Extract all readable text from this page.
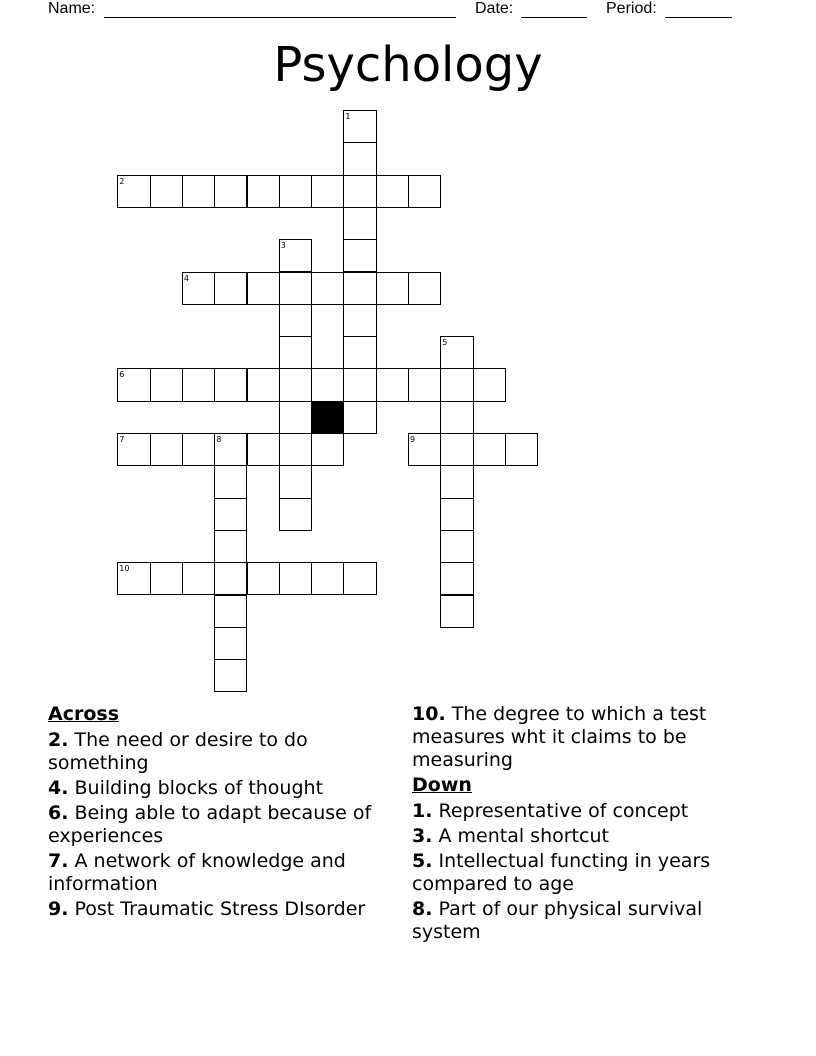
Name:	Date:	Period:
Psychology
1
2
3
4
5
6
7	8	9
10
Across
2. The need or desire to do something
4. Building blocks of thought
6. Being able to adapt because of experiences
7. A network of knowledge and information
9. Post Traumatic Stress DIsorder
10. The degree to which a test measures wht it claims to be measuring
Down
1. Representative of concept
3. A mental shortcut
5. Intellectual functing in years compared to age
8. Part of our physical survival system
